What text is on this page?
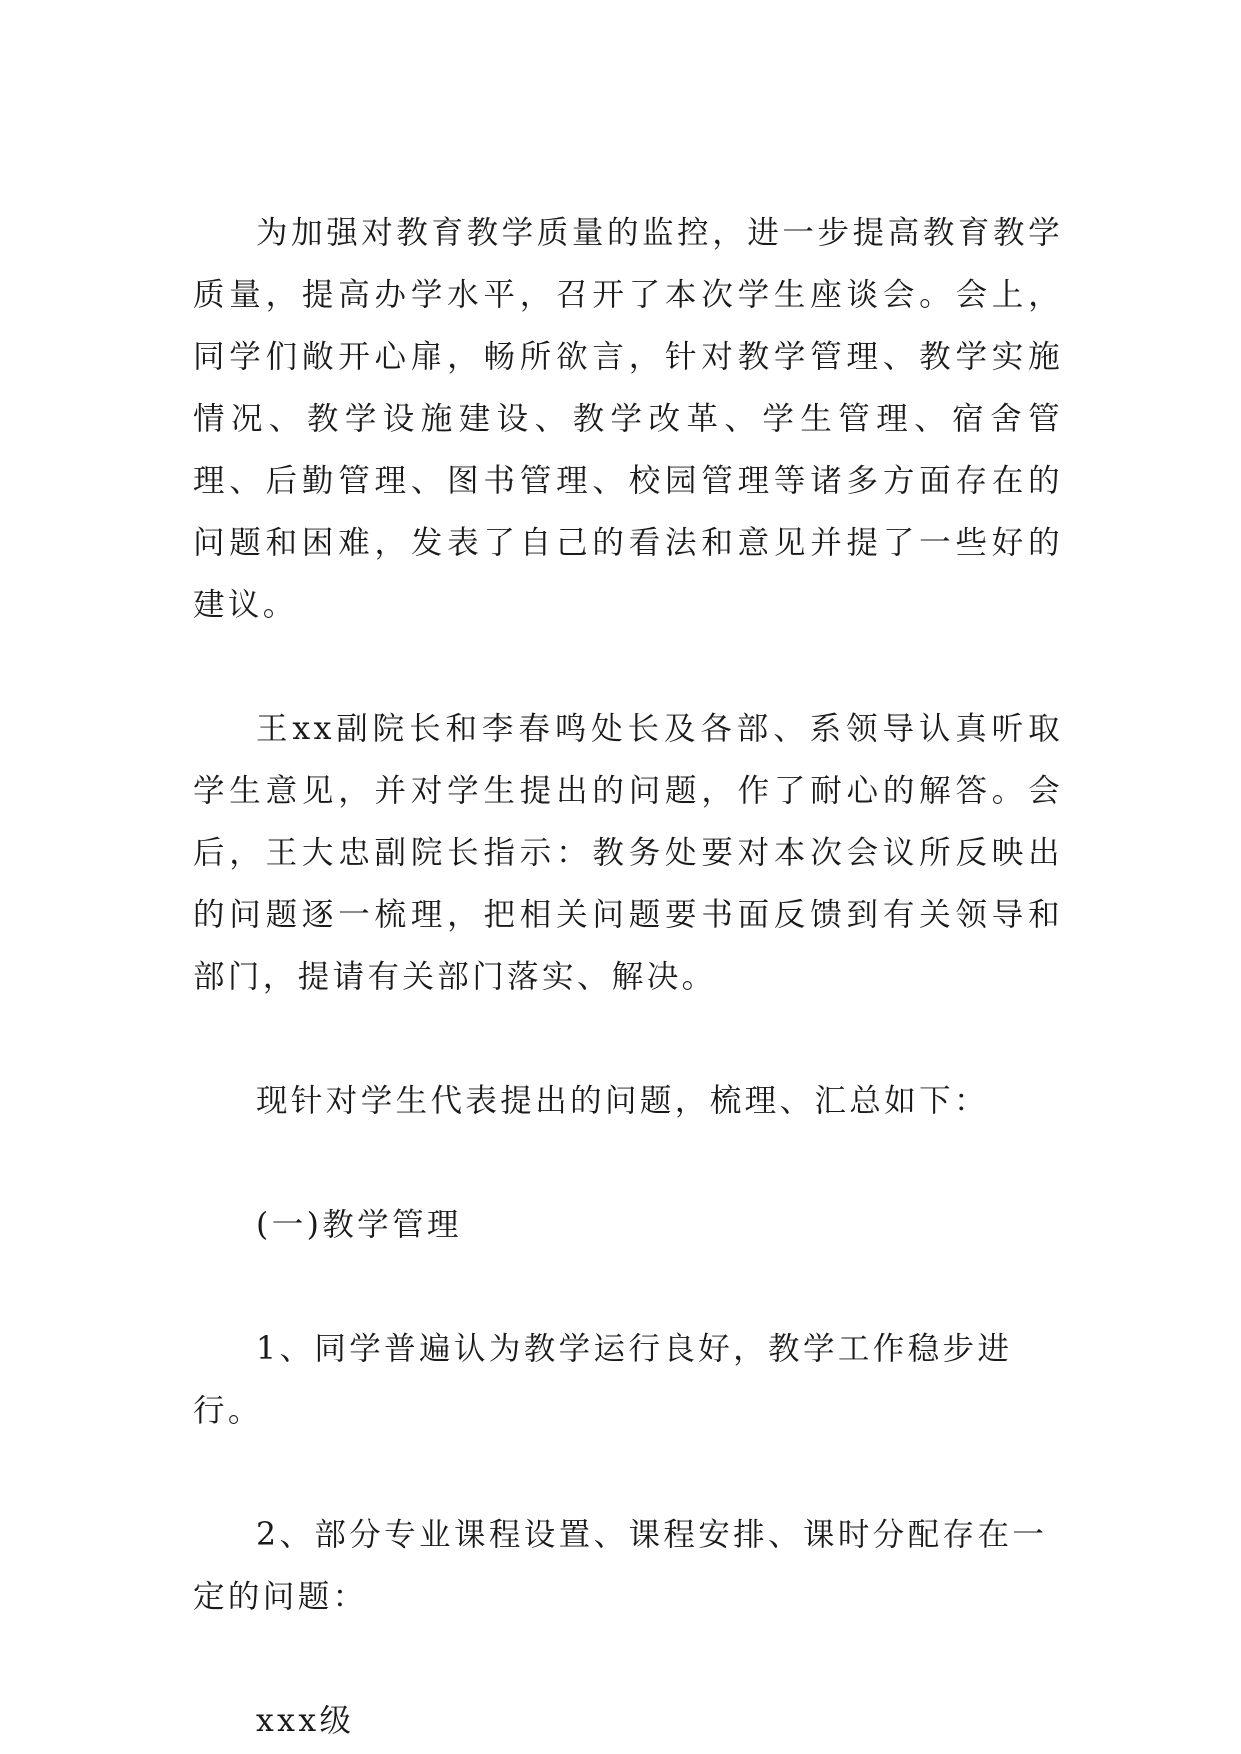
为加强对教育教学质量的监控，进一步提高教育教学质量，提高办学水平，召开了本次学生座谈会。会上，同学们敞开心扉，畅所欲言，针对教学管理、教学实施情况、教学设施建设、教学改革、学生管理、宿舍管理、后勤管理、图书管理、校园管理等诸多方面存在的问题和困难，发表了自己的看法和意见并提了一些好的建议。

王xx副院长和李春鸣处长及各部、系领导认真听取学生意见，并对学生提出的问题，作了耐心的解答。会后，王大忠副院长指示：教务处要对本次会议所反映出的问题逐一梳理，把相关问题要书面反馈到有关领导和部门，提请有关部门落实、解决。

现针对学生代表提出的问题，梳理、汇总如下：

(一)教学管理

1、同学普遍认为教学运行良好，教学工作稳步进行。

2、部分专业课程设置、课程安排、课时分配存在一定的问题：

xxx级
